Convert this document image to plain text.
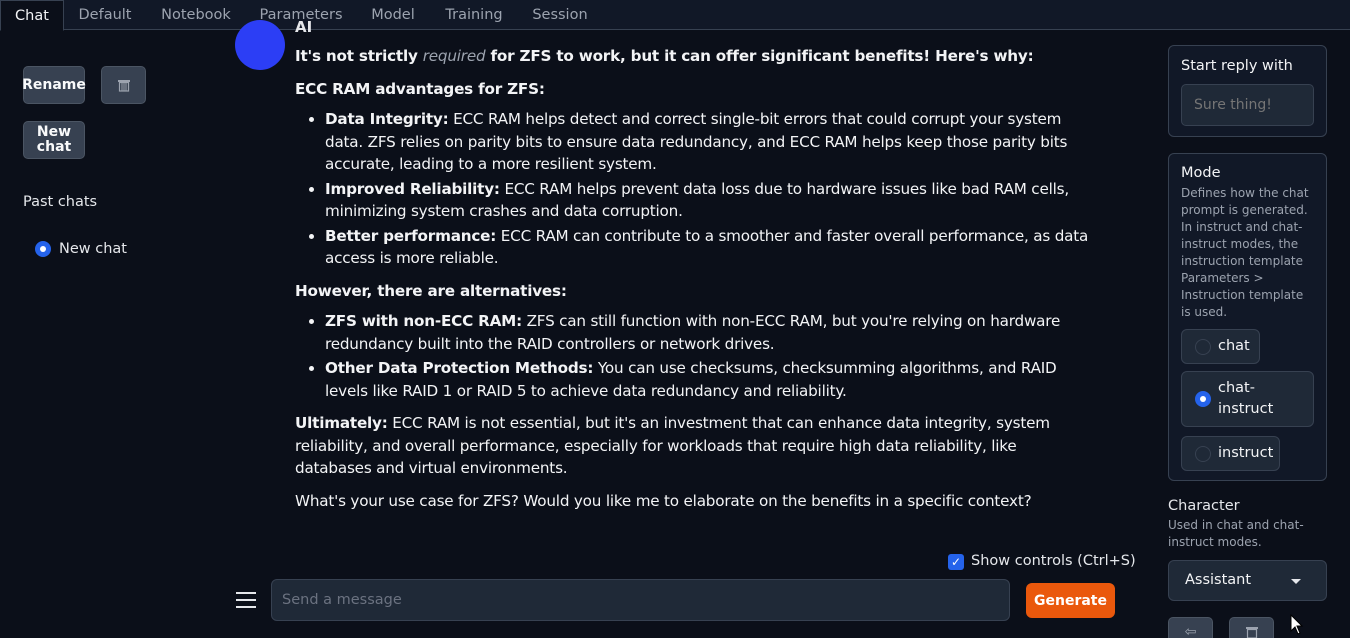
Chat	Default	Notebook	Parameters	Model	Training	Session
Rename
New chat
Past chats
New chat
AI

It's not strictly required for ZFS to work, but it can offer significant benefits! Here's why:

ECC RAM advantages for ZFS:

• Data Integrity: ECC RAM helps detect and correct single-bit errors that could corrupt your system data. ZFS relies on parity bits to ensure data redundancy, and ECC RAM helps keep those parity bits accurate, leading to a more resilient system.
• Improved Reliability: ECC RAM helps prevent data loss due to hardware issues like bad RAM cells, minimizing system crashes and data corruption.
• Better performance: ECC RAM can contribute to a smoother and faster overall performance, as data access is more reliable.

However, there are alternatives:

• ZFS with non-ECC RAM: ZFS can still function with non-ECC RAM, but you're relying on hardware redundancy built into the RAID controllers or network drives.
• Other Data Protection Methods: You can use checksums, checksumming algorithms, and RAID levels like RAID 1 or RAID 5 to achieve data redundancy and reliability.

Ultimately: ECC RAM is not essential, but it's an investment that can enhance data integrity, system reliability, and overall performance, especially for workloads that require high data reliability, like databases and virtual environments.

What's your use case for ZFS? Would you like me to elaborate on the benefits in a specific context?

✓ Show controls (Ctrl+S)
Send a message
Generate
Start reply with
Sure thing!
Mode
Defines how the chat prompt is generated. In instruct and chat-instruct modes, the instruction template Parameters > Instruction template is used.
chat
chat-instruct
instruct
Character
Used in chat and chat-instruct modes.
Assistant
⇦
